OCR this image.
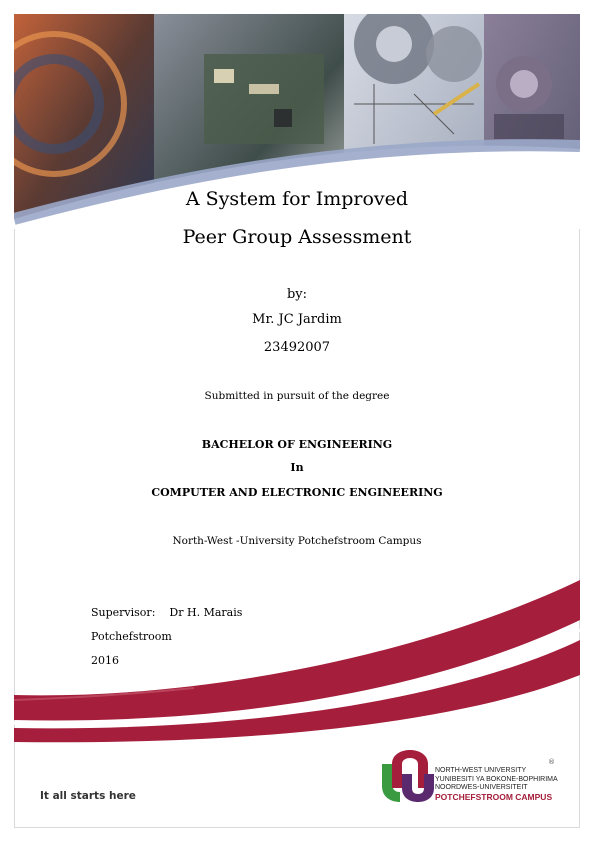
A System for Improved
Peer Group Assessment
by:
Mr. JC Jardim
23492007
Submitted in pursuit of the degree
BACHELOR OF ENGINEERING
In
COMPUTER AND ELECTRONIC ENGINEERING
North-West -University Potchefstroom Campus
Supervisor: Dr H. Marais
Potchefstroom
2016
It all starts here
NORTH-WEST UNIVERSITY
YUNIBESITI YA BOKONE-BOPHIRIMA
NOORDWES-UNIVERSITEIT
POTCHEFSTROOM CAMPUS
®
